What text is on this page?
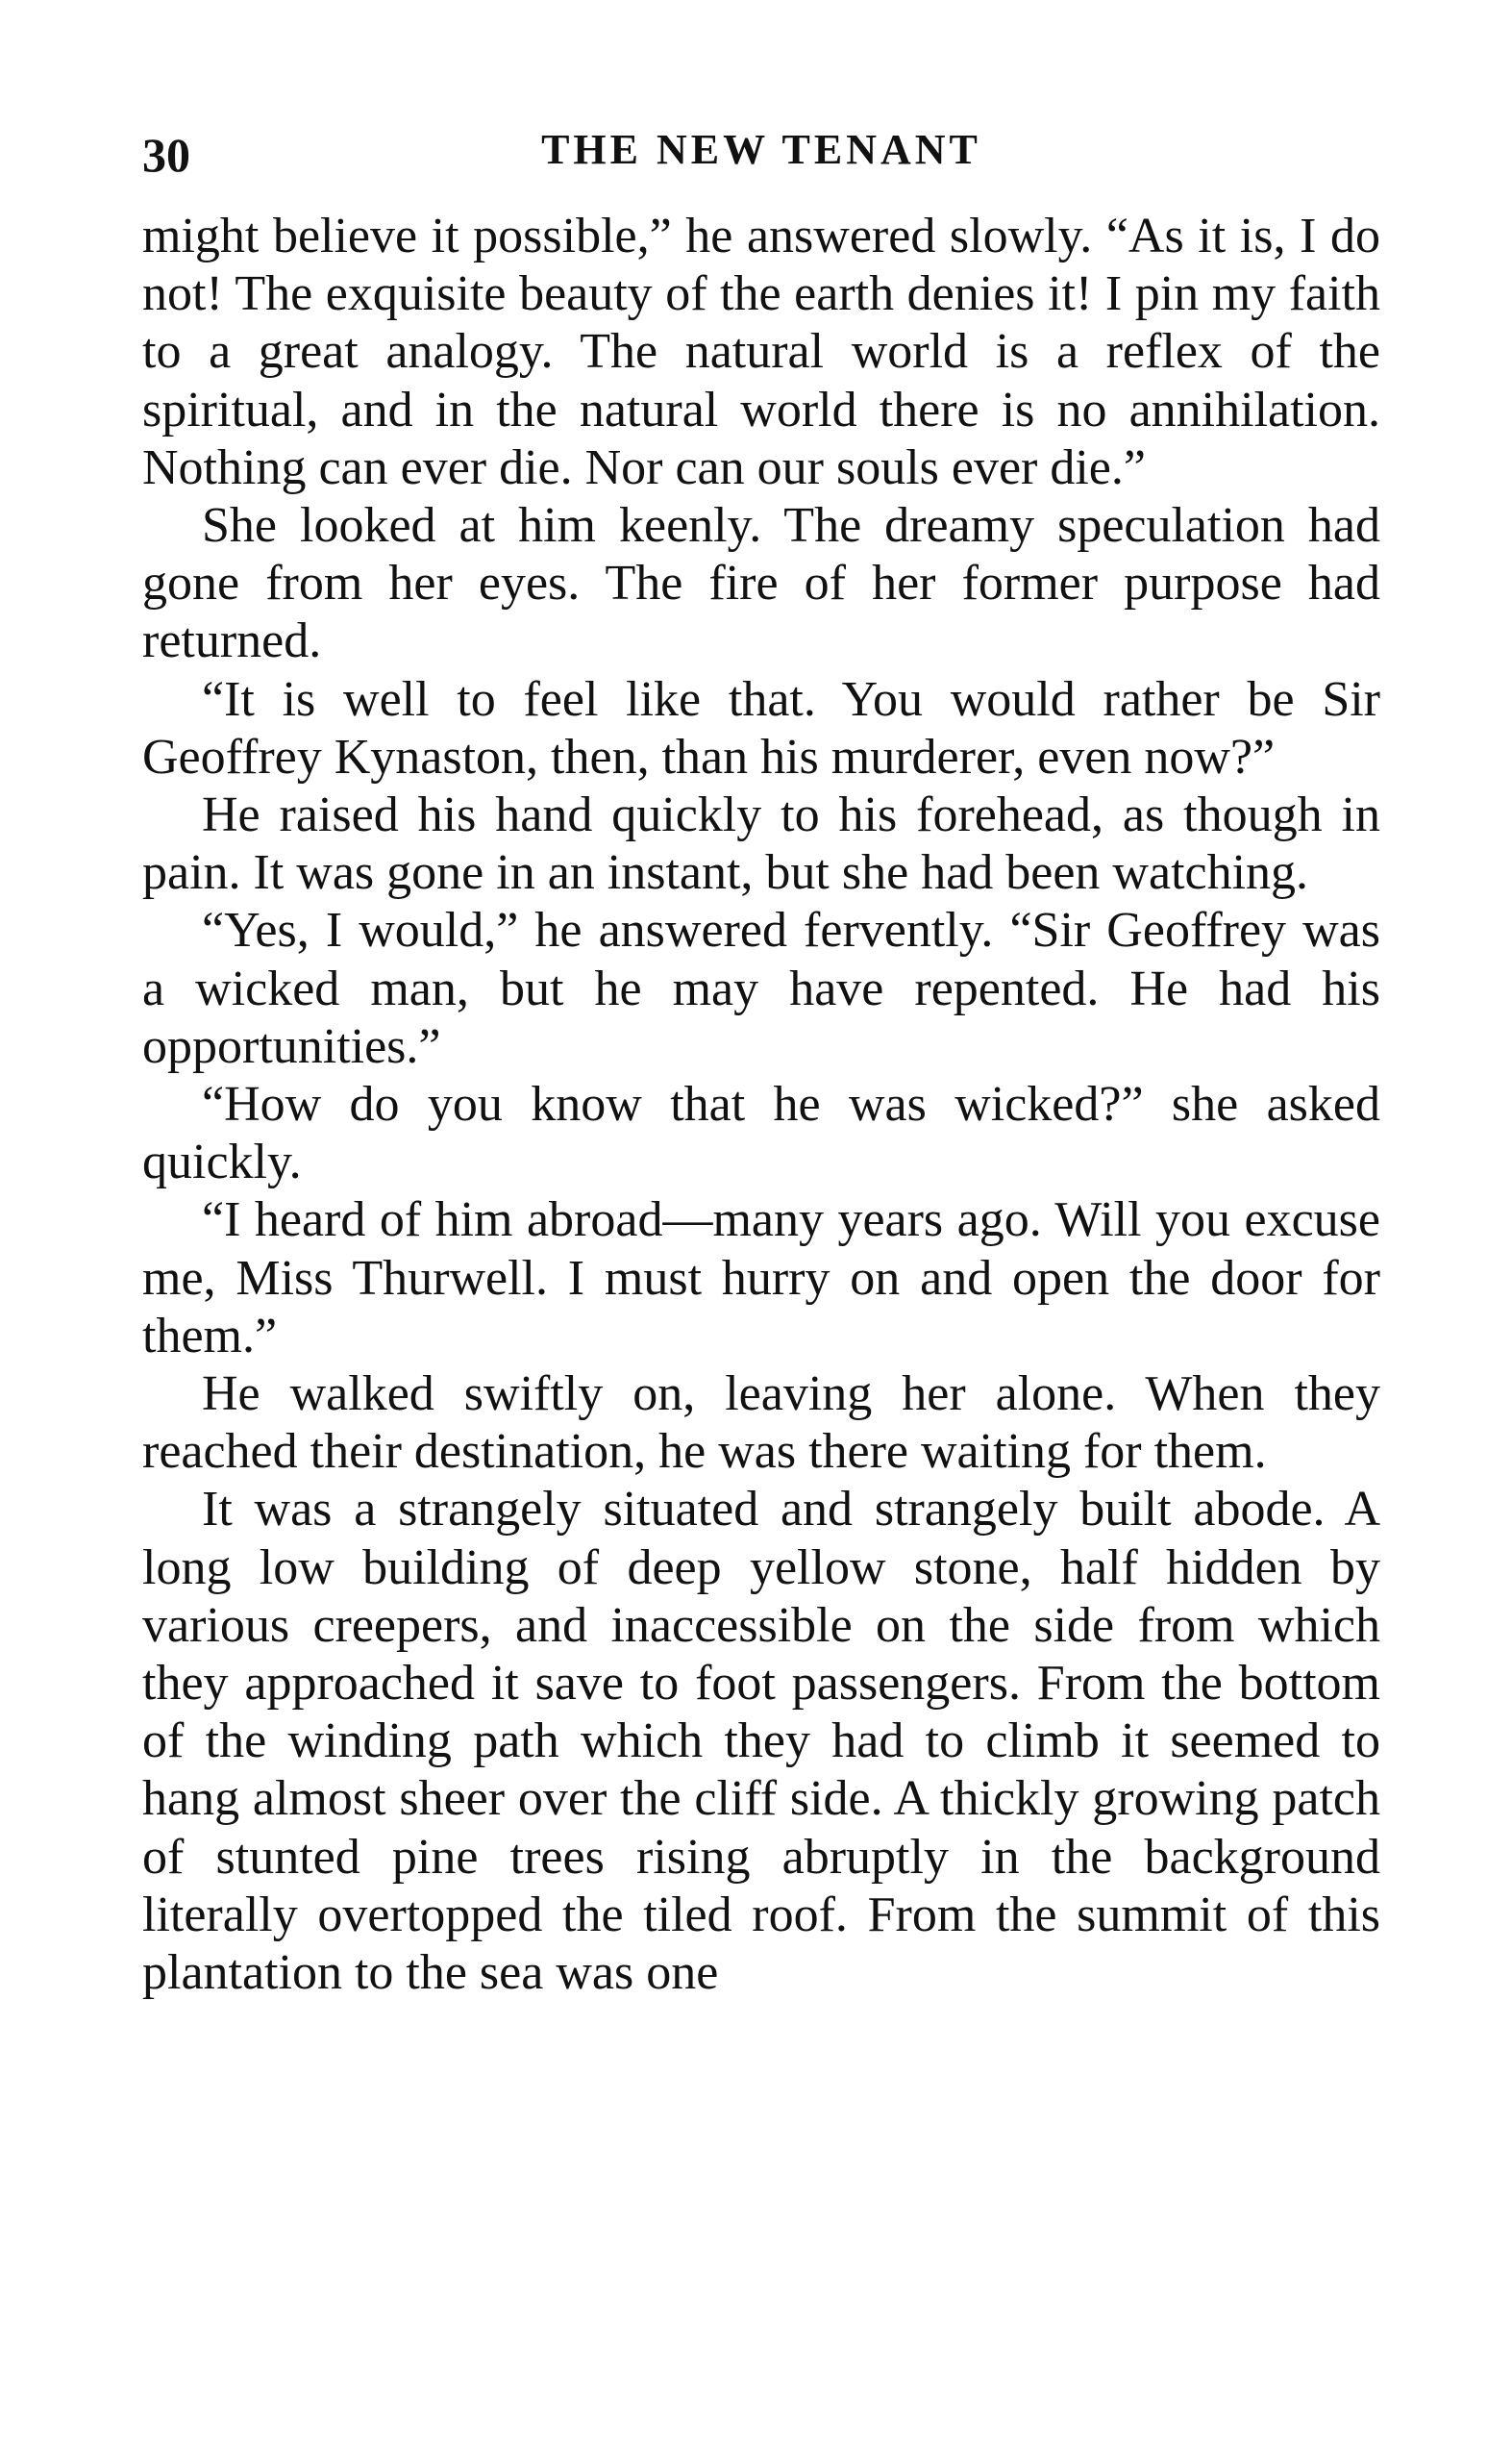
30	THE NEW TENANT

might believe it possible,” he answered slowly. “As it is, I do not! The exquisite beauty of the earth denies it! I pin my faith to a great analogy. The natural world is a reflex of the spiritual, and in the natural world there is no annihilation. Nothing can ever die. Nor can our souls ever die.”

She looked at him keenly. The dreamy speculation had gone from her eyes. The fire of her former purpose had returned.

“It is well to feel like that. You would rather be Sir Geoffrey Kynaston, then, than his murderer, even now?”

He raised his hand quickly to his forehead, as though in pain. It was gone in an instant, but she had been watching.

“Yes, I would,” he answered fervently. “Sir Geoffrey was a wicked man, but he may have repented. He had his opportunities.”

“How do you know that he was wicked?” she asked quickly.

“I heard of him abroad—many years ago. Will you excuse me, Miss Thurwell. I must hurry on and open the door for them.”

He walked swiftly on, leaving her alone. When they reached their destination, he was there waiting for them.

It was a strangely situated and strangely built abode. A long low building of deep yellow stone, half hidden by various creepers, and inaccessible on the side from which they approached it save to foot passengers. From the bottom of the winding path which they had to climb it seemed to hang almost sheer over the cliff side. A thickly growing patch of stunted pine trees rising abruptly in the background literally overtopped the tiled roof. From the summit of this plantation to the sea was one
